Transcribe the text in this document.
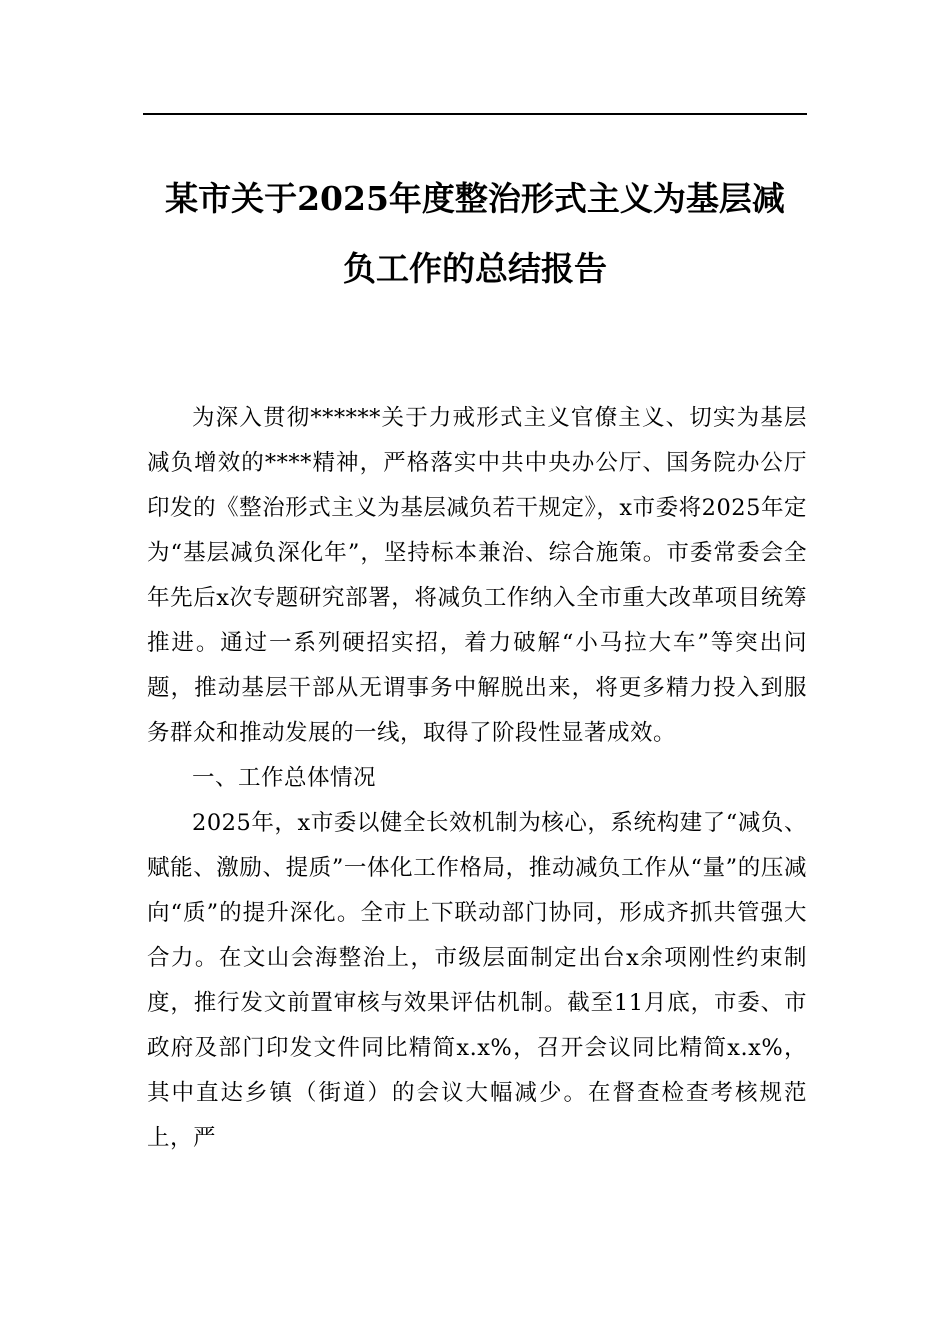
某市关于2025年度整治形式主义为基层减
负工作的总结报告

为深入贯彻******关于力戒形式主义官僚主义、切实为基层减负增效的****精神，严格落实中共中央办公厅、国务院办公厅印发的《整治形式主义为基层减负若干规定》，x市委将2025年定为“基层减负深化年”，坚持标本兼治、综合施策。市委常委会全年先后x次专题研究部署，将减负工作纳入全市重大改革项目统筹推进。通过一系列硬招实招，着力破解“小马拉大车”等突出问题，推动基层干部从无谓事务中解脱出来，将更多精力投入到服务群众和推动发展的一线，取得了阶段性显著成效。

一、工作总体情况

2025年，x市委以健全长效机制为核心，系统构建了“减负、赋能、激励、提质”一体化工作格局，推动减负工作从“量”的压减向“质”的提升深化。全市上下联动部门协同，形成齐抓共管强大合力。在文山会海整治上，市级层面制定出台x余项刚性约束制度，推行发文前置审核与效果评估机制。截至11月底，市委、市政府及部门印发文件同比精简x.x%，召开会议同比精简x.x%，其中直达乡镇（街道）的会议大幅减少。在督查检查考核规范上，严
